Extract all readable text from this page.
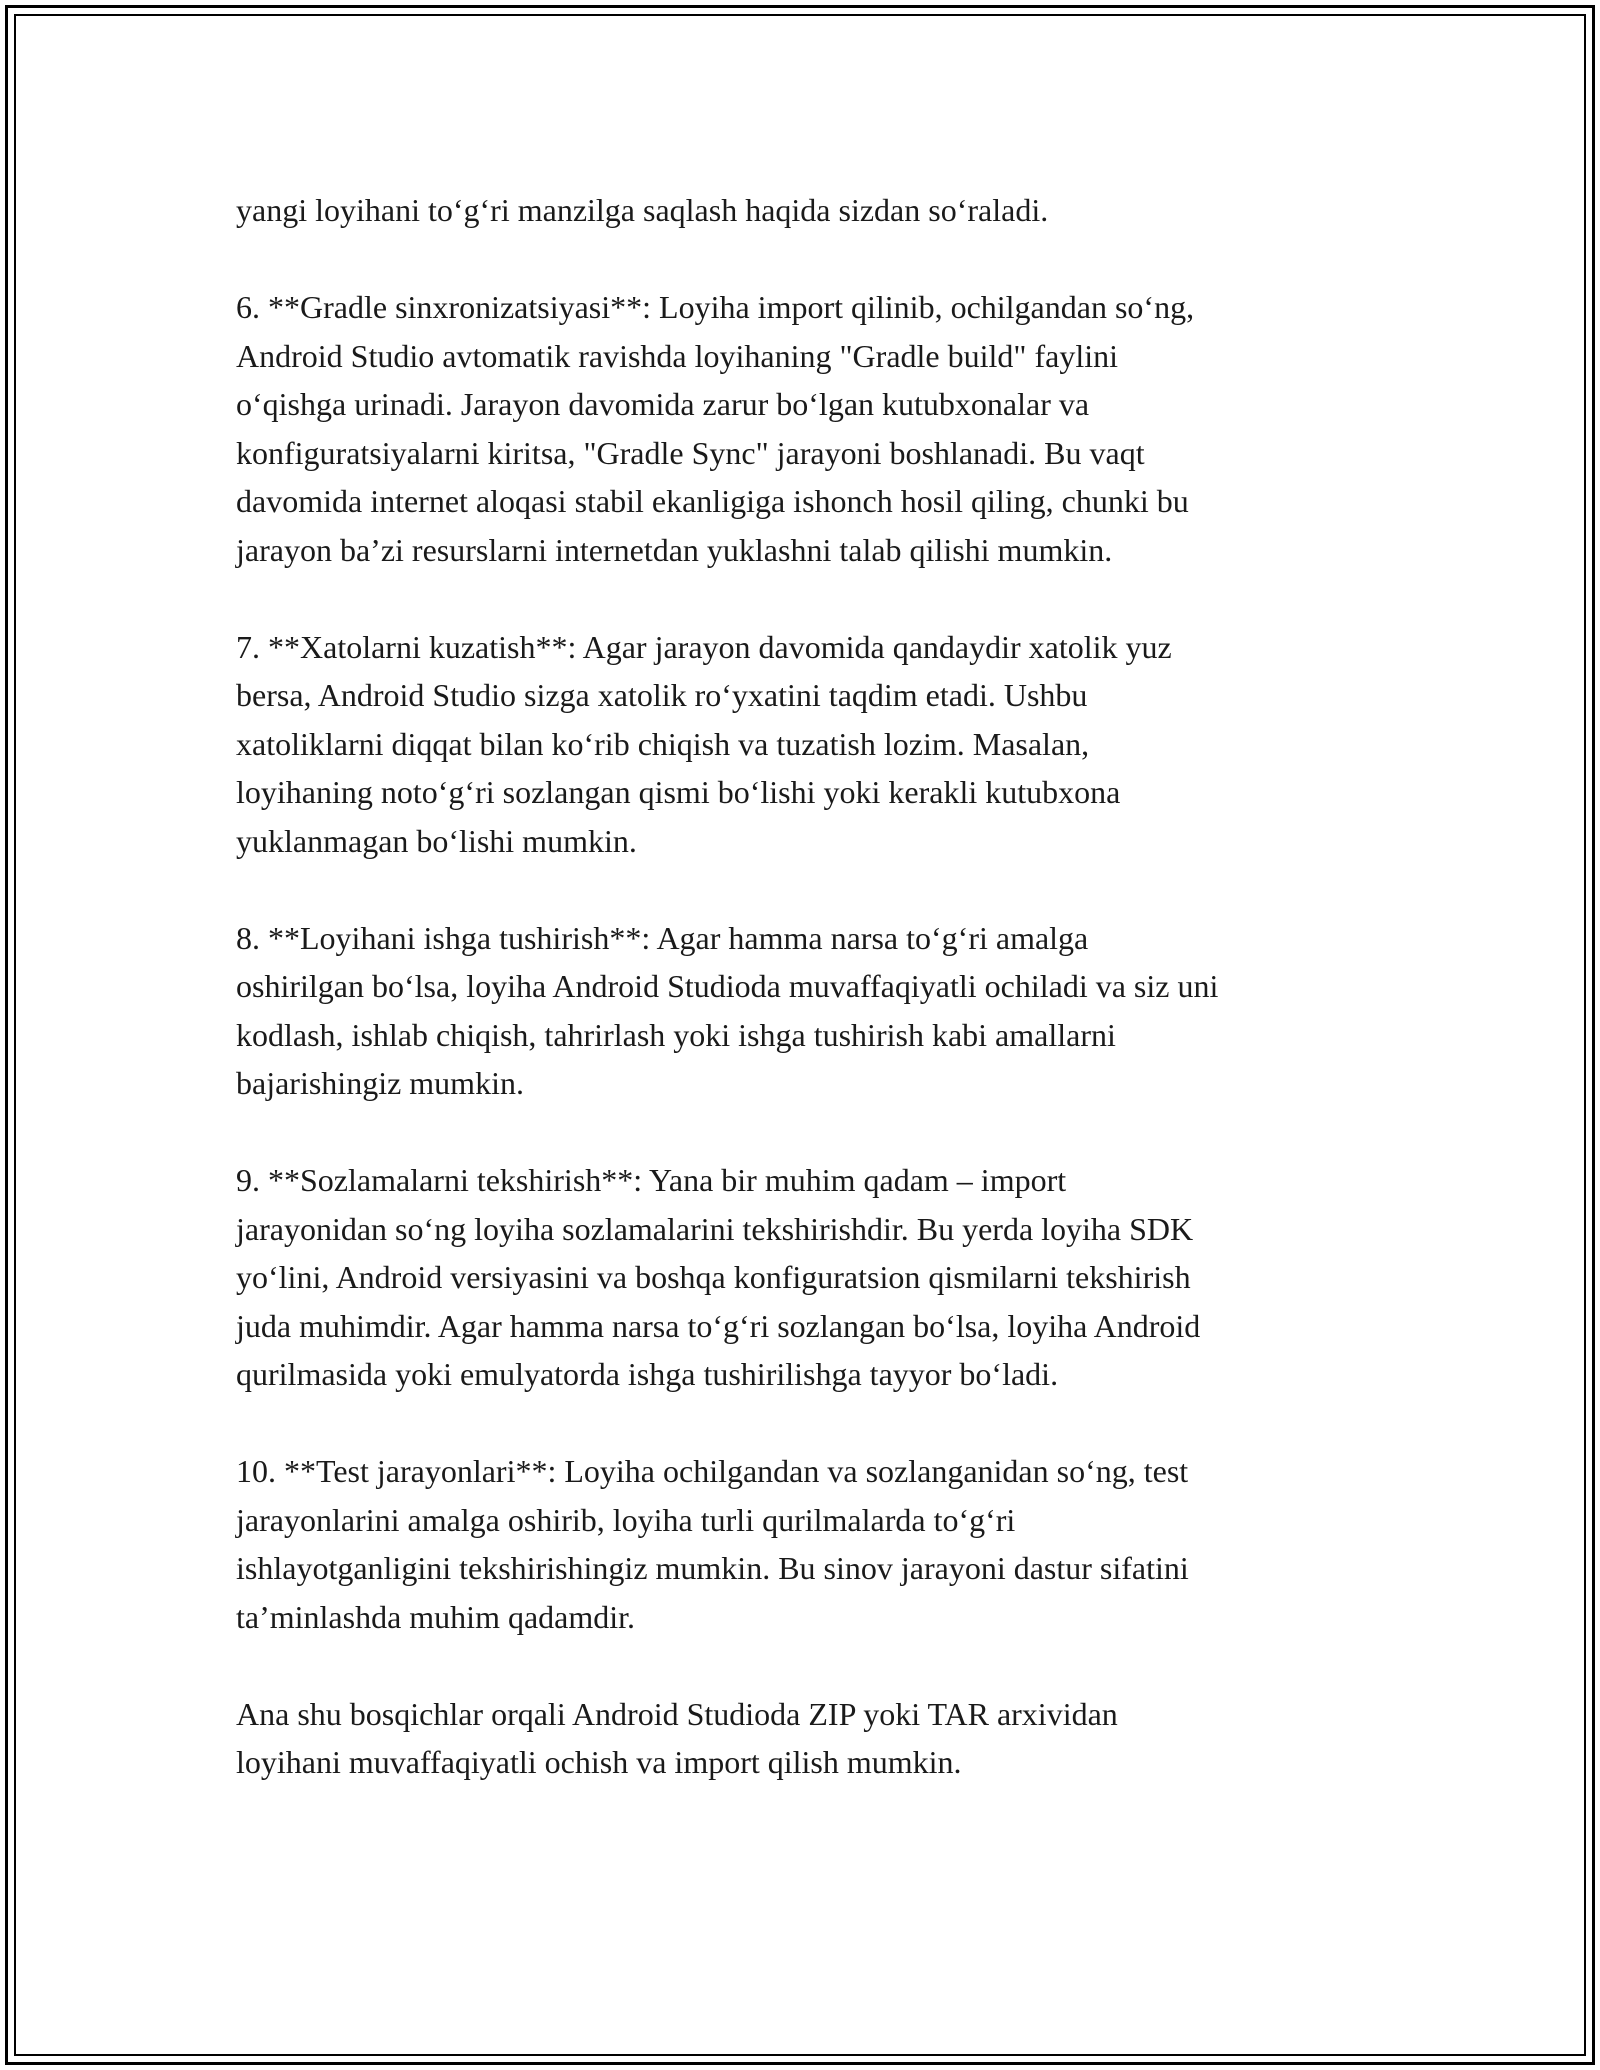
yangi loyihani to‘g‘ri manzilga saqlash haqida sizdan so‘raladi.

6. **Gradle sinxronizatsiyasi**: Loyiha import qilinib, ochilgandan so‘ng,
Android Studio avtomatik ravishda loyihaning "Gradle build" faylini
o‘qishga urinadi. Jarayon davomida zarur bo‘lgan kutubxonalar va
konfiguratsiyalarni kiritsa, "Gradle Sync" jarayoni boshlanadi. Bu vaqt
davomida internet aloqasi stabil ekanligiga ishonch hosil qiling, chunki bu
jarayon ba’zi resurslarni internetdan yuklashni talab qilishi mumkin.

7. **Xatolarni kuzatish**: Agar jarayon davomida qandaydir xatolik yuz
bersa, Android Studio sizga xatolik ro‘yxatini taqdim etadi. Ushbu
xatoliklarni diqqat bilan ko‘rib chiqish va tuzatish lozim. Masalan,
loyihaning noto‘g‘ri sozlangan qismi bo‘lishi yoki kerakli kutubxona
yuklanmagan bo‘lishi mumkin.

8. **Loyihani ishga tushirish**: Agar hamma narsa to‘g‘ri amalga
oshirilgan bo‘lsa, loyiha Android Studioda muvaffaqiyatli ochiladi va siz uni
kodlash, ishlab chiqish, tahrirlash yoki ishga tushirish kabi amallarni
bajarishingiz mumkin.

9. **Sozlamalarni tekshirish**: Yana bir muhim qadam – import
jarayonidan so‘ng loyiha sozlamalarini tekshirishdir. Bu yerda loyiha SDK
yo‘lini, Android versiyasini va boshqa konfiguratsion qismilarni tekshirish
juda muhimdir. Agar hamma narsa to‘g‘ri sozlangan bo‘lsa, loyiha Android
qurilmasida yoki emulyatorda ishga tushirilishga tayyor bo‘ladi.

10. **Test jarayonlari**: Loyiha ochilgandan va sozlanganidan so‘ng, test
jarayonlarini amalga oshirib, loyiha turli qurilmalarda to‘g‘ri
ishlayotganligini tekshirishingiz mumkin. Bu sinov jarayoni dastur sifatini
ta’minlashda muhim qadamdir.

Ana shu bosqichlar orqali Android Studioda ZIP yoki TAR arxividan
loyihani muvaffaqiyatli ochish va import qilish mumkin.
